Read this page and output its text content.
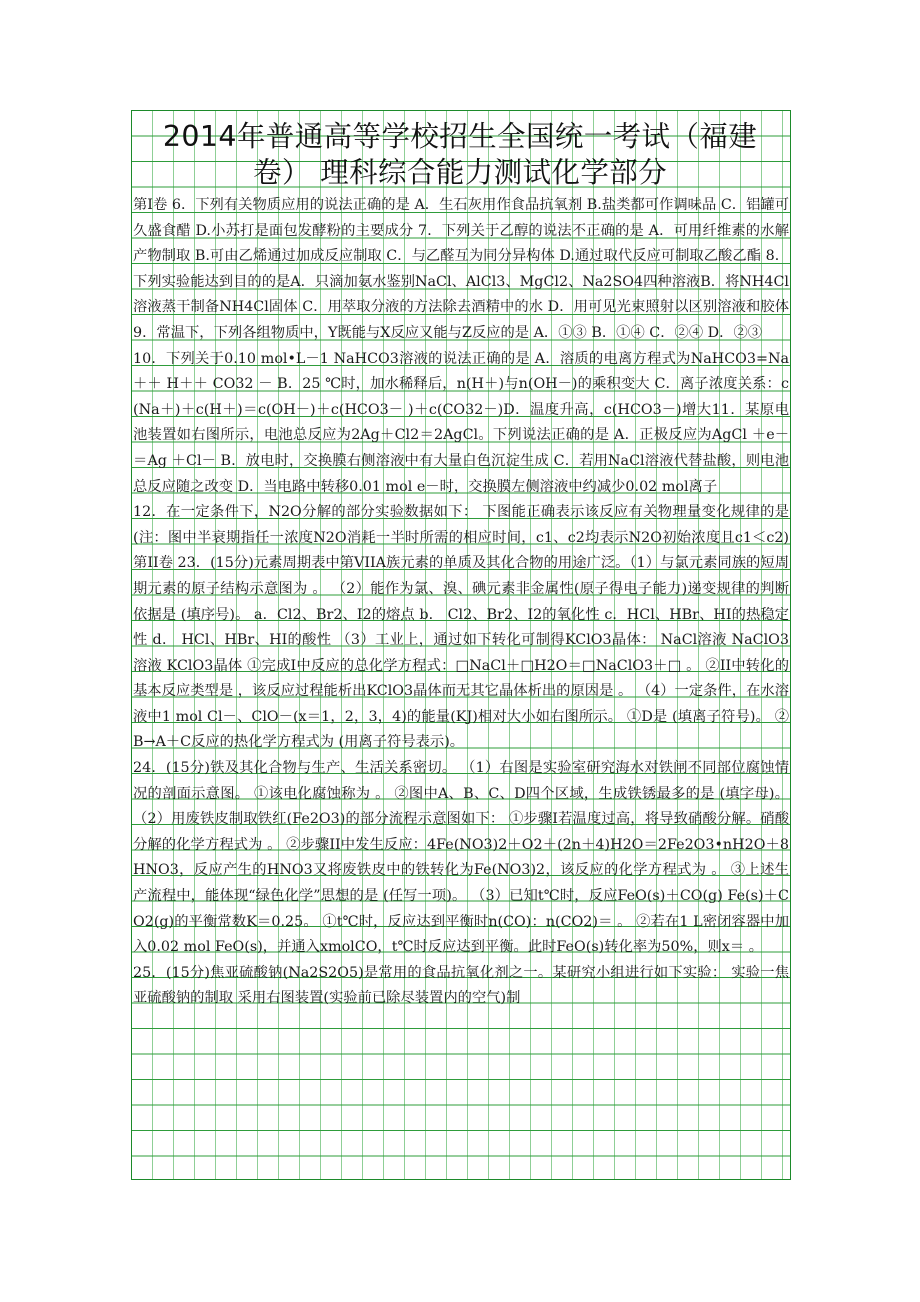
2014年普通高等学校招生全国统一考试（福建卷） 理科综合能力测试化学部分

第Ⅰ卷 6．下列有关物质应用的说法正确的是 A．生石灰用作食品抗氧剂 B.盐类都可作调味品 C．铝罐可久盛食醋 D.小苏打是面包发酵粉的主要成分 7．下列关于乙醇的说法不正确的是 A．可用纤维素的水解产物制取 B.可由乙烯通过加成反应制取 C．与乙醛互为同分异构体 D.通过取代反应可制取乙酸乙酯 8．下列实验能达到目的的是A．只滴加氨水鉴别NaCl、AlCl3、MgCl2、Na2SO4四种溶液B．将NH4Cl溶液蒸干制备NH4Cl固体 C．用萃取分液的方法除去酒精中的水 D．用可见光束照射以区别溶液和胶体 9．常温下，下列各组物质中，Y既能与X反应又能与Z反应的是 A．①③ B．①④ C．②④ D．②③

10．下列关于0.10 mol•L－1 NaHCO3溶液的说法正确的是 A．溶质的电离方程式为NaHCO3=Na＋＋ H＋＋ CO32 － B．25 ℃时，加水稀释后，n(H＋)与n(OH－)的乘积变大 C．离子浓度关系：c(Na＋)＋c(H＋)＝c(OH－)＋c(HCO3－ )＋c(CO32－)D．温度升高，c(HCO3－)增大11．某原电池装置如右图所示，电池总反应为2Ag＋Cl2＝2AgCl。下列说法正确的是 A．正极反应为AgCl ＋e－＝Ag ＋Cl－ B．放电时，交换膜右侧溶液中有大量白色沉淀生成 C．若用NaCl溶液代替盐酸，则电池总反应随之改变 D．当电路中转移0.01 mol e－时，交换膜左侧溶液中约减少0.02 mol离子

12．在一定条件下，N2O分解的部分实验数据如下： 下图能正确表示该反应有关物理量变化规律的是(注：图中半衰期指任一浓度N2O消耗一半时所需的相应时间，c1、c2均表示N2O初始浓度且c1＜c2) 第II卷 23．(15分)元素周期表中第VIIA族元素的单质及其化合物的用途广泛。（1）与氯元素同族的短周期元素的原子结构示意图为 。 （2）能作为氯、溴、碘元素非金属性(原子得电子能力)递变规律的判断依据是 (填序号)。 a．Cl2、Br2、I2的熔点 b． Cl2、Br2、I2的氧化性 c．HCl、HBr、HI的热稳定性 d． HCl、HBr、HI的酸性 （3）工业上，通过如下转化可制得KClO3晶体： NaCl溶液 NaClO3溶液 KClO3晶体 ①完成Ⅰ中反应的总化学方程式：□NaCl＋□H2O＝□NaClO3＋□ 。 ②II中转化的基本反应类型是 ，该反应过程能析出KClO3晶体而无其它晶体析出的原因是 。 （4）一定条件，在水溶液中1 mol Cl－、ClO－(x＝1，2，3，4)的能量(KJ)相对大小如右图所示。 ①D是 (填离子符号)。 ②B→A＋C反应的热化学方程式为 (用离子符号表示)。

24．(15分)铁及其化合物与生产、生活关系密切。 （1）右图是实验室研究海水对铁闸不同部位腐蚀情况的剖面示意图。 ①该电化腐蚀称为 。 ②图中A、B、C、D四个区域，生成铁锈最多的是 (填字母)。 （2）用废铁皮制取铁红(Fe2O3)的部分流程示意图如下： ①步骤Ⅰ若温度过高，将导致硝酸分解。硝酸分解的化学方程式为 。 ②步骤II中发生反应：4Fe(NO3)2＋O2＋(2n＋4)H2O＝2Fe2O3•nH2O＋8HNO3，反应产生的HNO3又将废铁皮中的铁转化为Fe(NO3)2，该反应的化学方程式为 。 ③上述生产流程中，能体现“绿色化学”思想的是 (任写一项)。 （3）已知t℃时，反应FeO(s)＋CO(g) Fe(s)＋CO2(g)的平衡常数K＝0.25。 ①t℃时，反应达到平衡时n(CO)：n(CO2)＝ 。 ②若在1 L密闭容器中加入0.02 mol FeO(s)，并通入xmolCO，t℃时反应达到平衡。此时FeO(s)转化率为50%，则x＝ 。

25．(15分)焦亚硫酸钠(Na2S2O5)是常用的食品抗氧化剂之一。某研究小组进行如下实验： 实验一焦亚硫酸钠的制取 采用右图装置(实验前已除尽装置内的空气)制
